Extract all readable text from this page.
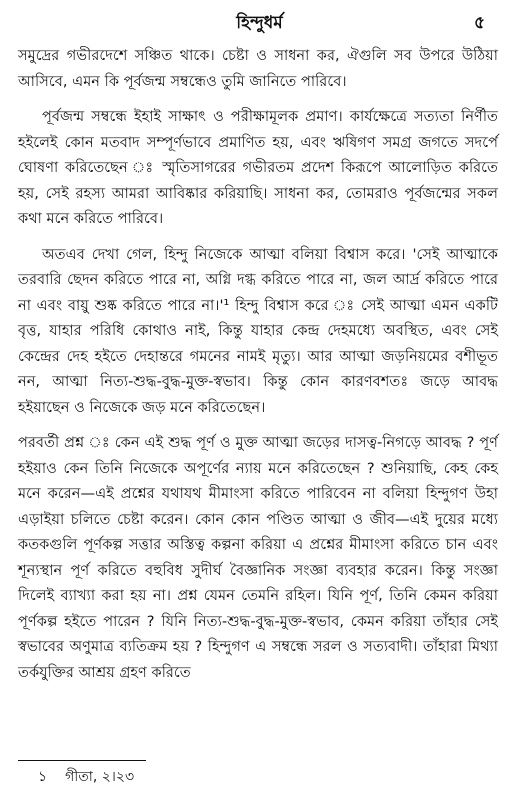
হিন্দুধর্ম	৫

সমুদ্রের গভীরদেশে সঞ্চিত থাকে। চেষ্টা ও সাধনা কর, ঐগুলি সব উপরে উঠিয়া আসিবে, এমন কি পূর্বজন্ম সম্বন্ধেও তুমি জানিতে পারিবে।

পূর্বজন্ম সম্বন্ধে ইহাই সাক্ষাৎ ও পরীক্ষামূলক প্রমাণ। কার্যক্ষেত্রে সত্যতা নির্ণীত হইলেই কোন মতবাদ সম্পূর্ণভাবে প্রমাণিত হয়, এবং ঋষিগণ সমগ্র জগতে সদর্পে ঘোষণা করিতেছেন ঃ স্মৃতিসাগরের গভীরতম প্রদেশ কিরূপে আলোড়িত করিতে হয়, সেই রহস্য আমরা আবিষ্কার করিয়াছি। সাধনা কর, তোমরাও পূর্বজন্মের সকল কথা মনে করিতে পারিবে।

অতএব দেখা গেল, হিন্দু নিজেকে আত্মা বলিয়া বিশ্বাস করে। 'সেই আত্মাকে তরবারি ছেদন করিতে পারে না, অগ্নি দগ্ধ করিতে পারে না, জল আর্দ্র করিতে পারে না এবং বায়ু শুষ্ক করিতে পারে না।'¹ হিন্দু বিশ্বাস করে ঃ সেই আত্মা এমন একটি বৃত্ত, যাহার পরিধি কোথাও নাই, কিন্তু যাহার কেন্দ্র দেহমধ্যে অবস্থিত, এবং সেই কেন্দ্রের দেহ হইতে দেহান্তরে গমনের নামই মৃত্যু। আর আত্মা জড়নিয়মের বশীভূত নন, আত্মা নিত্য-শুদ্ধ-বুদ্ধ-মুক্ত-স্বভাব। কিন্তু কোন কারণবশতঃ জড়ে আবদ্ধ হইয়াছেন ও নিজেকে জড় মনে করিতেছেন।

পরবর্তী প্রশ্ন ঃ কেন এই শুদ্ধ পূর্ণ ও মুক্ত আত্মা জড়ের দাসত্ব-নিগড়ে আবদ্ধ ? পূর্ণ হইয়াও কেন তিনি নিজেকে অপূর্ণের ন্যায় মনে করিতেছেন ? শুনিয়াছি, কেহ কেহ মনে করেন—এই প্রশ্নের যথাযথ মীমাংসা করিতে পারিবেন না বলিয়া হিন্দুগণ উহা এড়াইয়া চলিতে চেষ্টা করেন। কোন কোন পণ্ডিত আত্মা ও জীব—এই দুয়ের মধ্যে কতকগুলি পূর্ণকল্প সত্তার অস্তিত্ব কল্পনা করিয়া এ প্রশ্নের মীমাংসা করিতে চান এবং শূন্যস্থান পূর্ণ করিতে বহুবিধ সুদীর্ঘ বৈজ্ঞানিক সংজ্ঞা ব্যবহার করেন। কিন্তু সংজ্ঞা দিলেই ব্যাখ্যা করা হয় না। প্রশ্ন যেমন তেমনি রহিল। যিনি পূর্ণ, তিনি কেমন করিয়া পূর্ণকল্প হইতে পারেন ? যিনি নিত্য-শুদ্ধ-বুদ্ধ-মুক্ত-স্বভাব, কেমন করিয়া তাঁহার সেই স্বভাবের অণুমাত্র ব্যতিক্রম হয় ? হিন্দুগণ এ সম্বন্ধে সরল ও সত্যবাদী। তাঁহারা মিথ্যা তর্কযুক্তির আশ্রয় গ্রহণ করিতে

১ গীতা, ২।২৩
